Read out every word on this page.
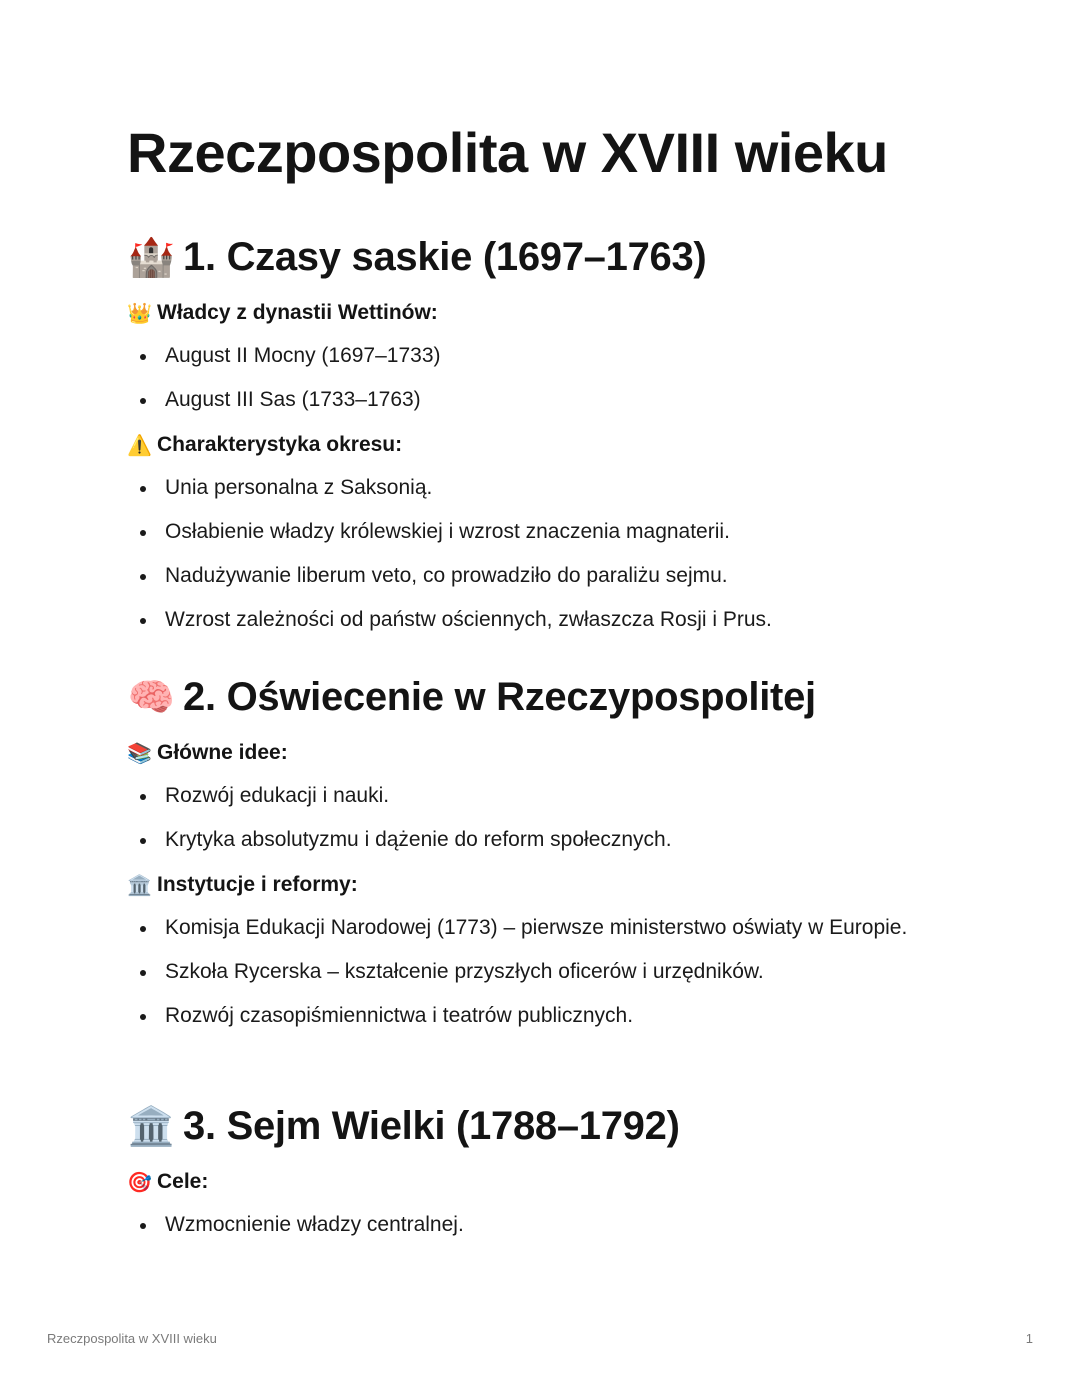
Rzeczpospolita w XVIII wieku
🏰 1. Czasy saskie (1697–1763)
👑 Władcy z dynastii Wettinów:
August II Mocny (1697–1733)
August III Sas (1733–1763)
⚠️ Charakterystyka okresu:
Unia personalna z Saksonią.
Osłabienie władzy królewskiej i wzrost znaczenia magnaterii.
Nadużywanie liberum veto, co prowadziło do paraliżu sejmu.
Wzrost zależności od państw ościennych, zwłaszcza Rosji i Prus.
🧠 2. Oświecenie w Rzeczypospolitej
📚 Główne idee:
Rozwój edukacji i nauki.
Krytyka absolutyzmu i dążenie do reform społecznych.
🏛️ Instytucje i reformy:
Komisja Edukacji Narodowej (1773) – pierwsze ministerstwo oświaty w Europie.
Szkoła Rycerska – kształcenie przyszłych oficerów i urzędników.
Rozwój czasopiśmiennictwa i teatrów publicznych.
🏛️ 3. Sejm Wielki (1788–1792)
🎯 Cele:
Wzmocnienie władzy centralnej.
Rzeczpospolita w XVIII wieku	1
